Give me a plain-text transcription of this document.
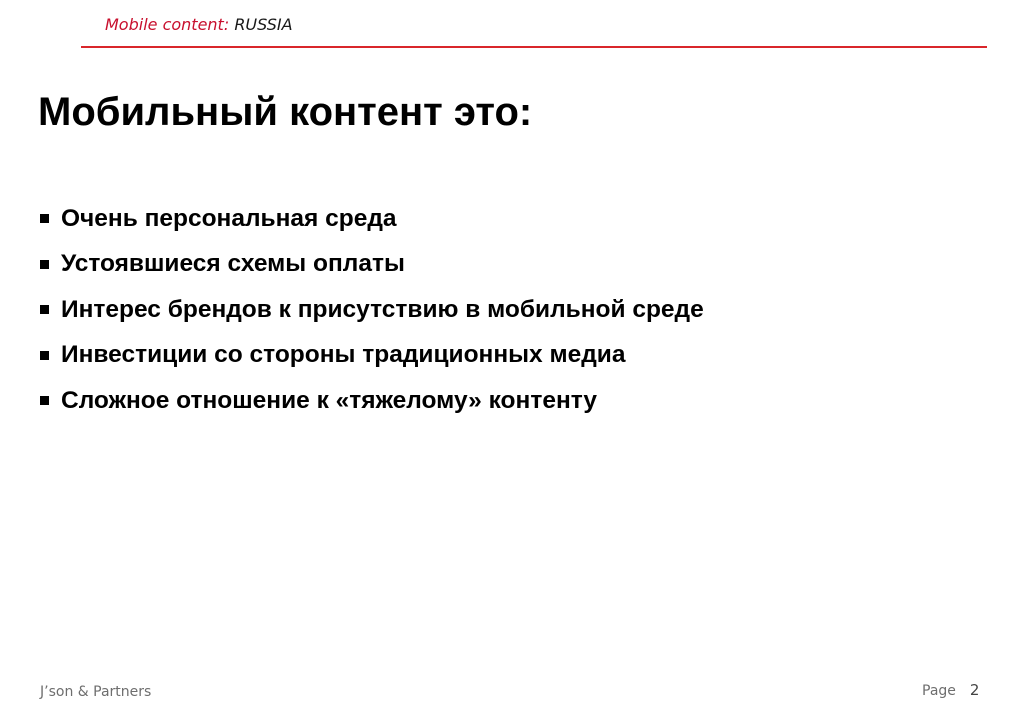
Mobile content: RUSSIA
Мобильный контент это:
Очень персональная среда
Устоявшиеся схемы оплаты
Интерес брендов к присутствию в мобильной среде
Инвестиции со стороны традиционных медиа
Сложное отношение к «тяжелому» контенту
J’son & Partners	Page 2
